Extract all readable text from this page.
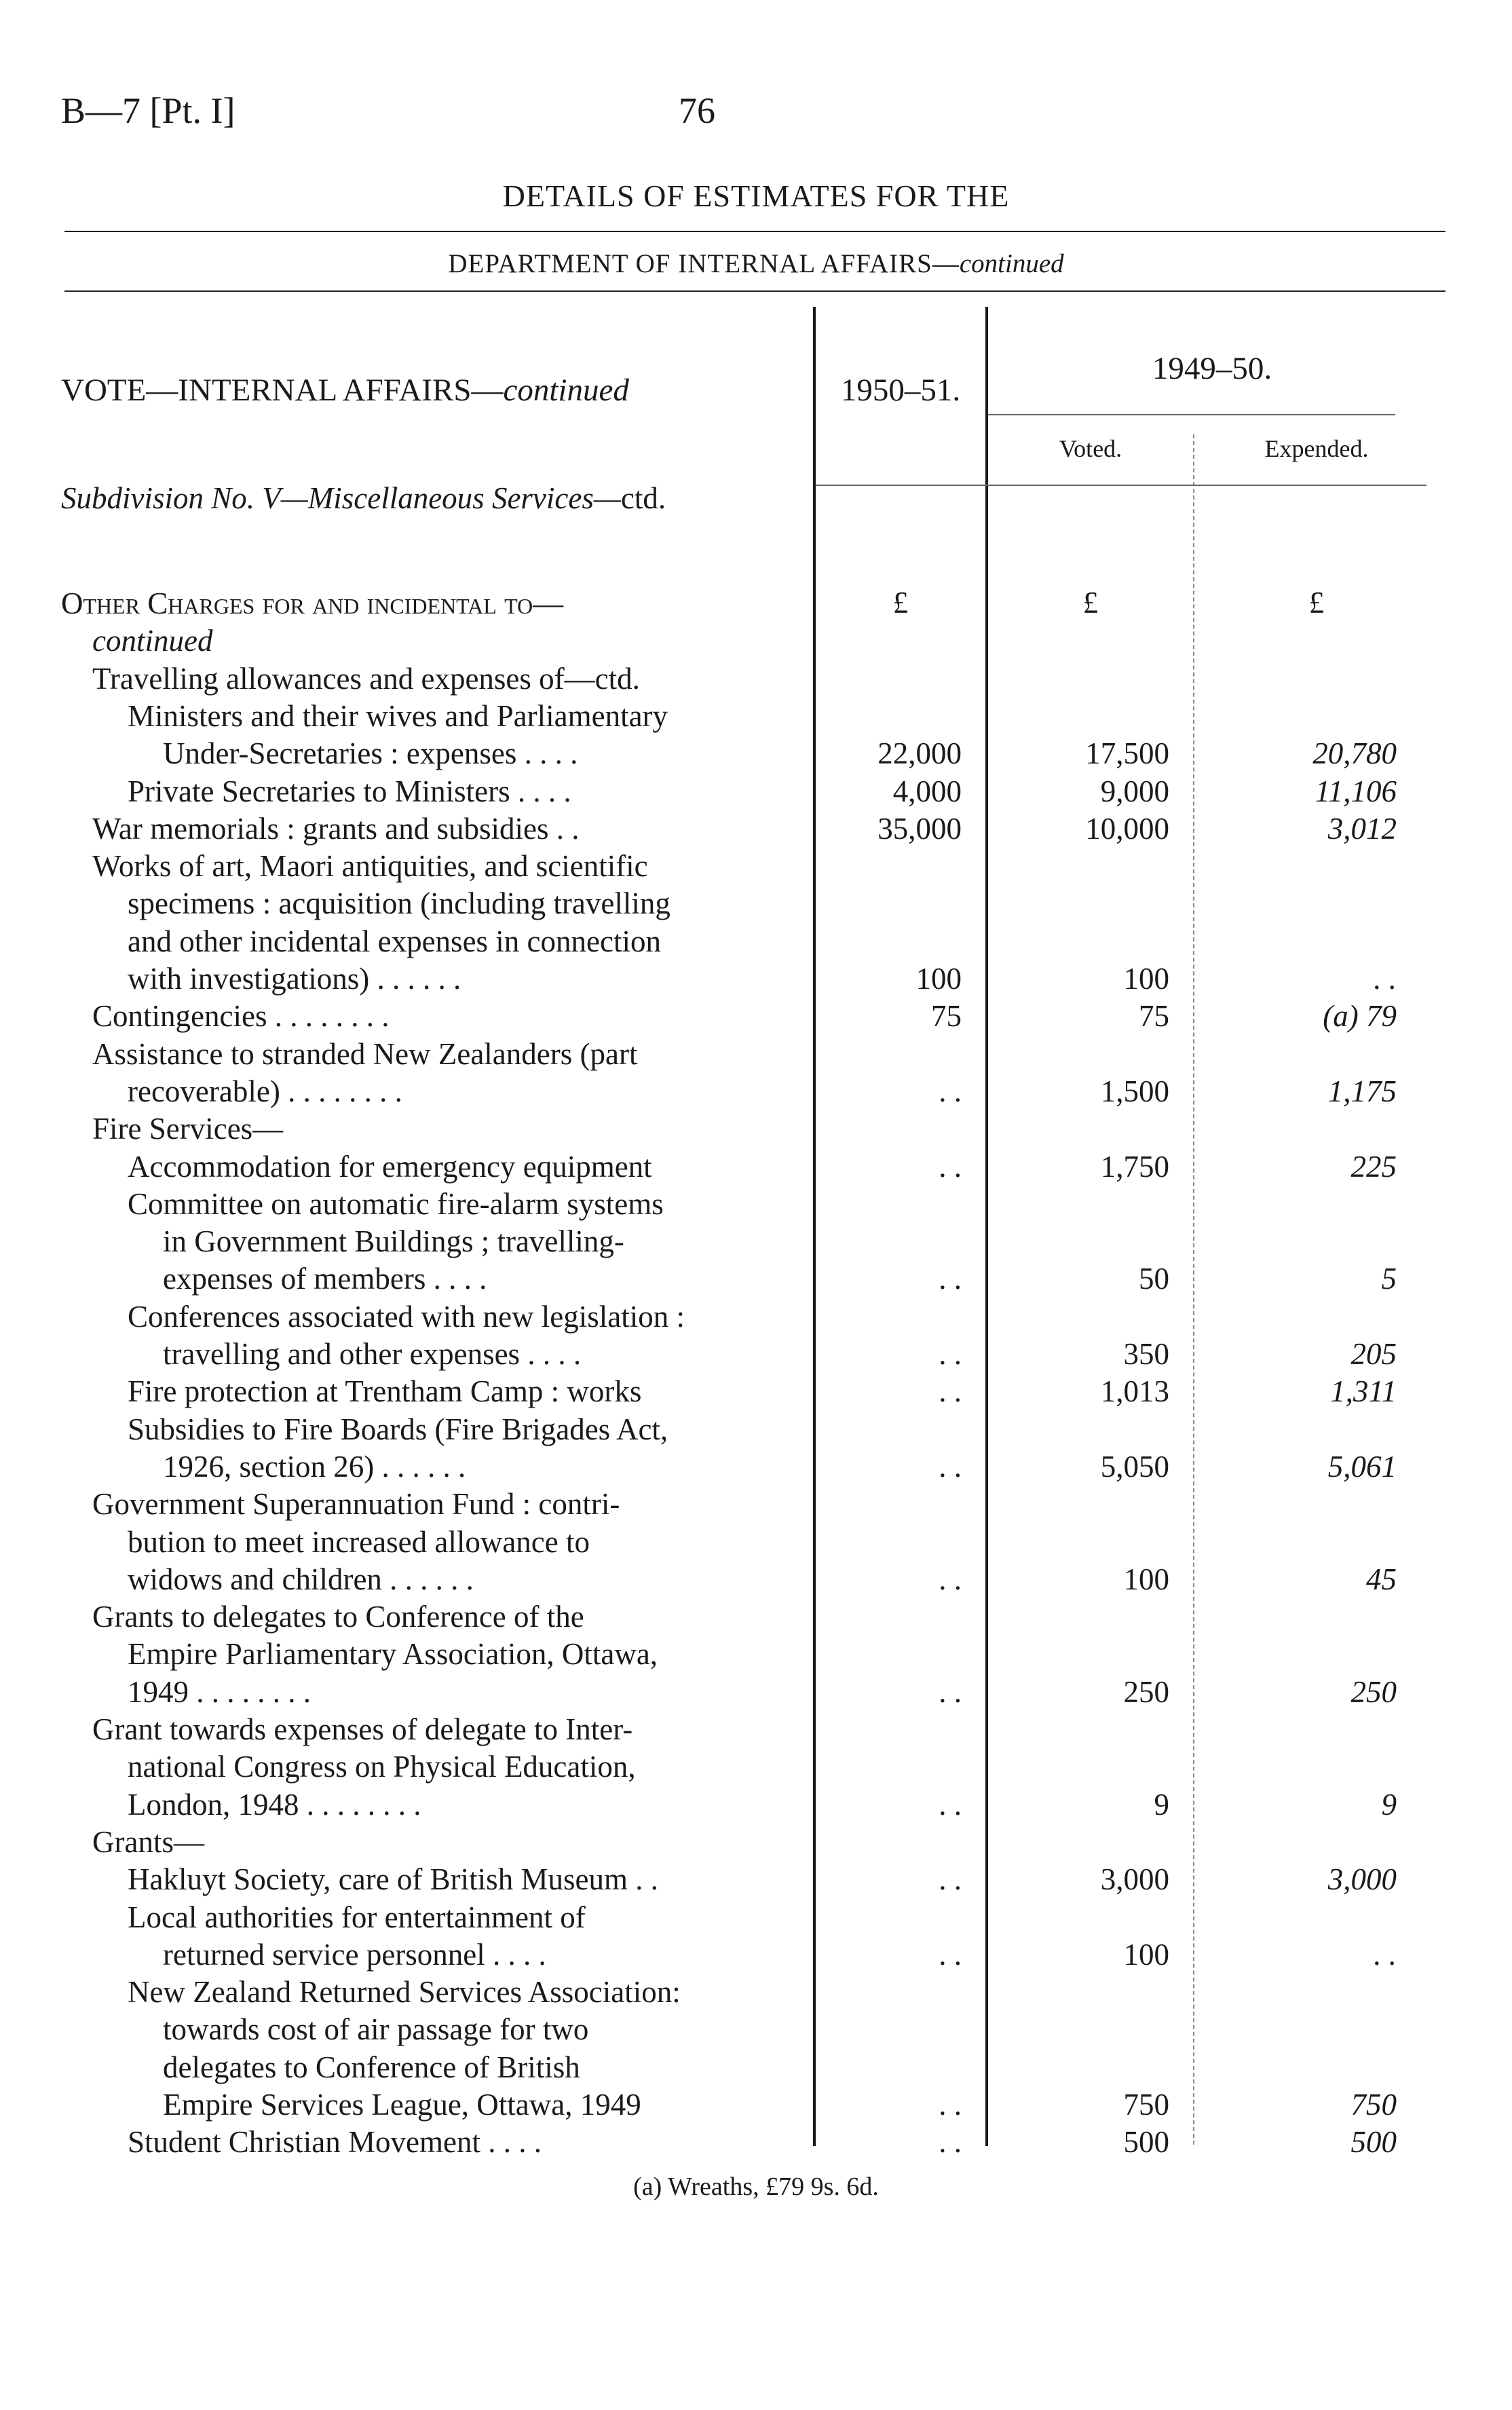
B—7 [Pt. I]	76
DETAILS OF ESTIMATES FOR THE
DEPARTMENT OF INTERNAL AFFAIRS—continued
VOTE—INTERNAL AFFAIRS—continued
Subdivision No. V—Miscellaneous Services—ctd.
1950–51.
1949–50.
Voted.	Expended.
£	£	£
Other Charges for and incidental to—
continued
Travelling allowances and expenses of—ctd.
Ministers and their wives and Parliamentary
Under-Secretaries : expenses . . . .	22,000	17,500	20,780
Private Secretaries to Ministers . . . .	4,000	9,000	11,106
War memorials : grants and subsidies . .	35,000	10,000	3,012
Works of art, Maori antiquities, and scientific
specimens : acquisition (including travelling
and other incidental expenses in connection
with investigations) . . . . . .	100	100	. .
Contingencies . . . . . . . .	75	75	(a) 79
Assistance to stranded New Zealanders (part
recoverable) . . . . . . . .	. .	1,500	1,175
Fire Services—
Accommodation for emergency equipment	. .	1,750	225
Committee on automatic fire-alarm systems
in Government Buildings ; travelling-
expenses of members . . . .	. .	50	5
Conferences associated with new legislation :
travelling and other expenses . . . .	. .	350	205
Fire protection at Trentham Camp : works	. .	1,013	1,311
Subsidies to Fire Boards (Fire Brigades Act,
1926, section 26) . . . . . .	. .	5,050	5,061
Government Superannuation Fund : contri-
bution to meet increased allowance to
widows and children . . . . . .	. .	100	45
Grants to delegates to Conference of the
Empire Parliamentary Association, Ottawa,
1949 . . . . . . . .	. .	250	250
Grant towards expenses of delegate to Inter-
national Congress on Physical Education,
London, 1948 . . . . . . . .	. .	9	9
Grants—
Hakluyt Society, care of British Museum . .	. .	3,000	3,000
Local authorities for entertainment of
returned service personnel . . . .	. .	100	. .
New Zealand Returned Services Association:
towards cost of air passage for two
delegates to Conference of British
Empire Services League, Ottawa, 1949	. .	750	750
Student Christian Movement . . . .	. .	500	500
(a) Wreaths, £79 9s. 6d.
